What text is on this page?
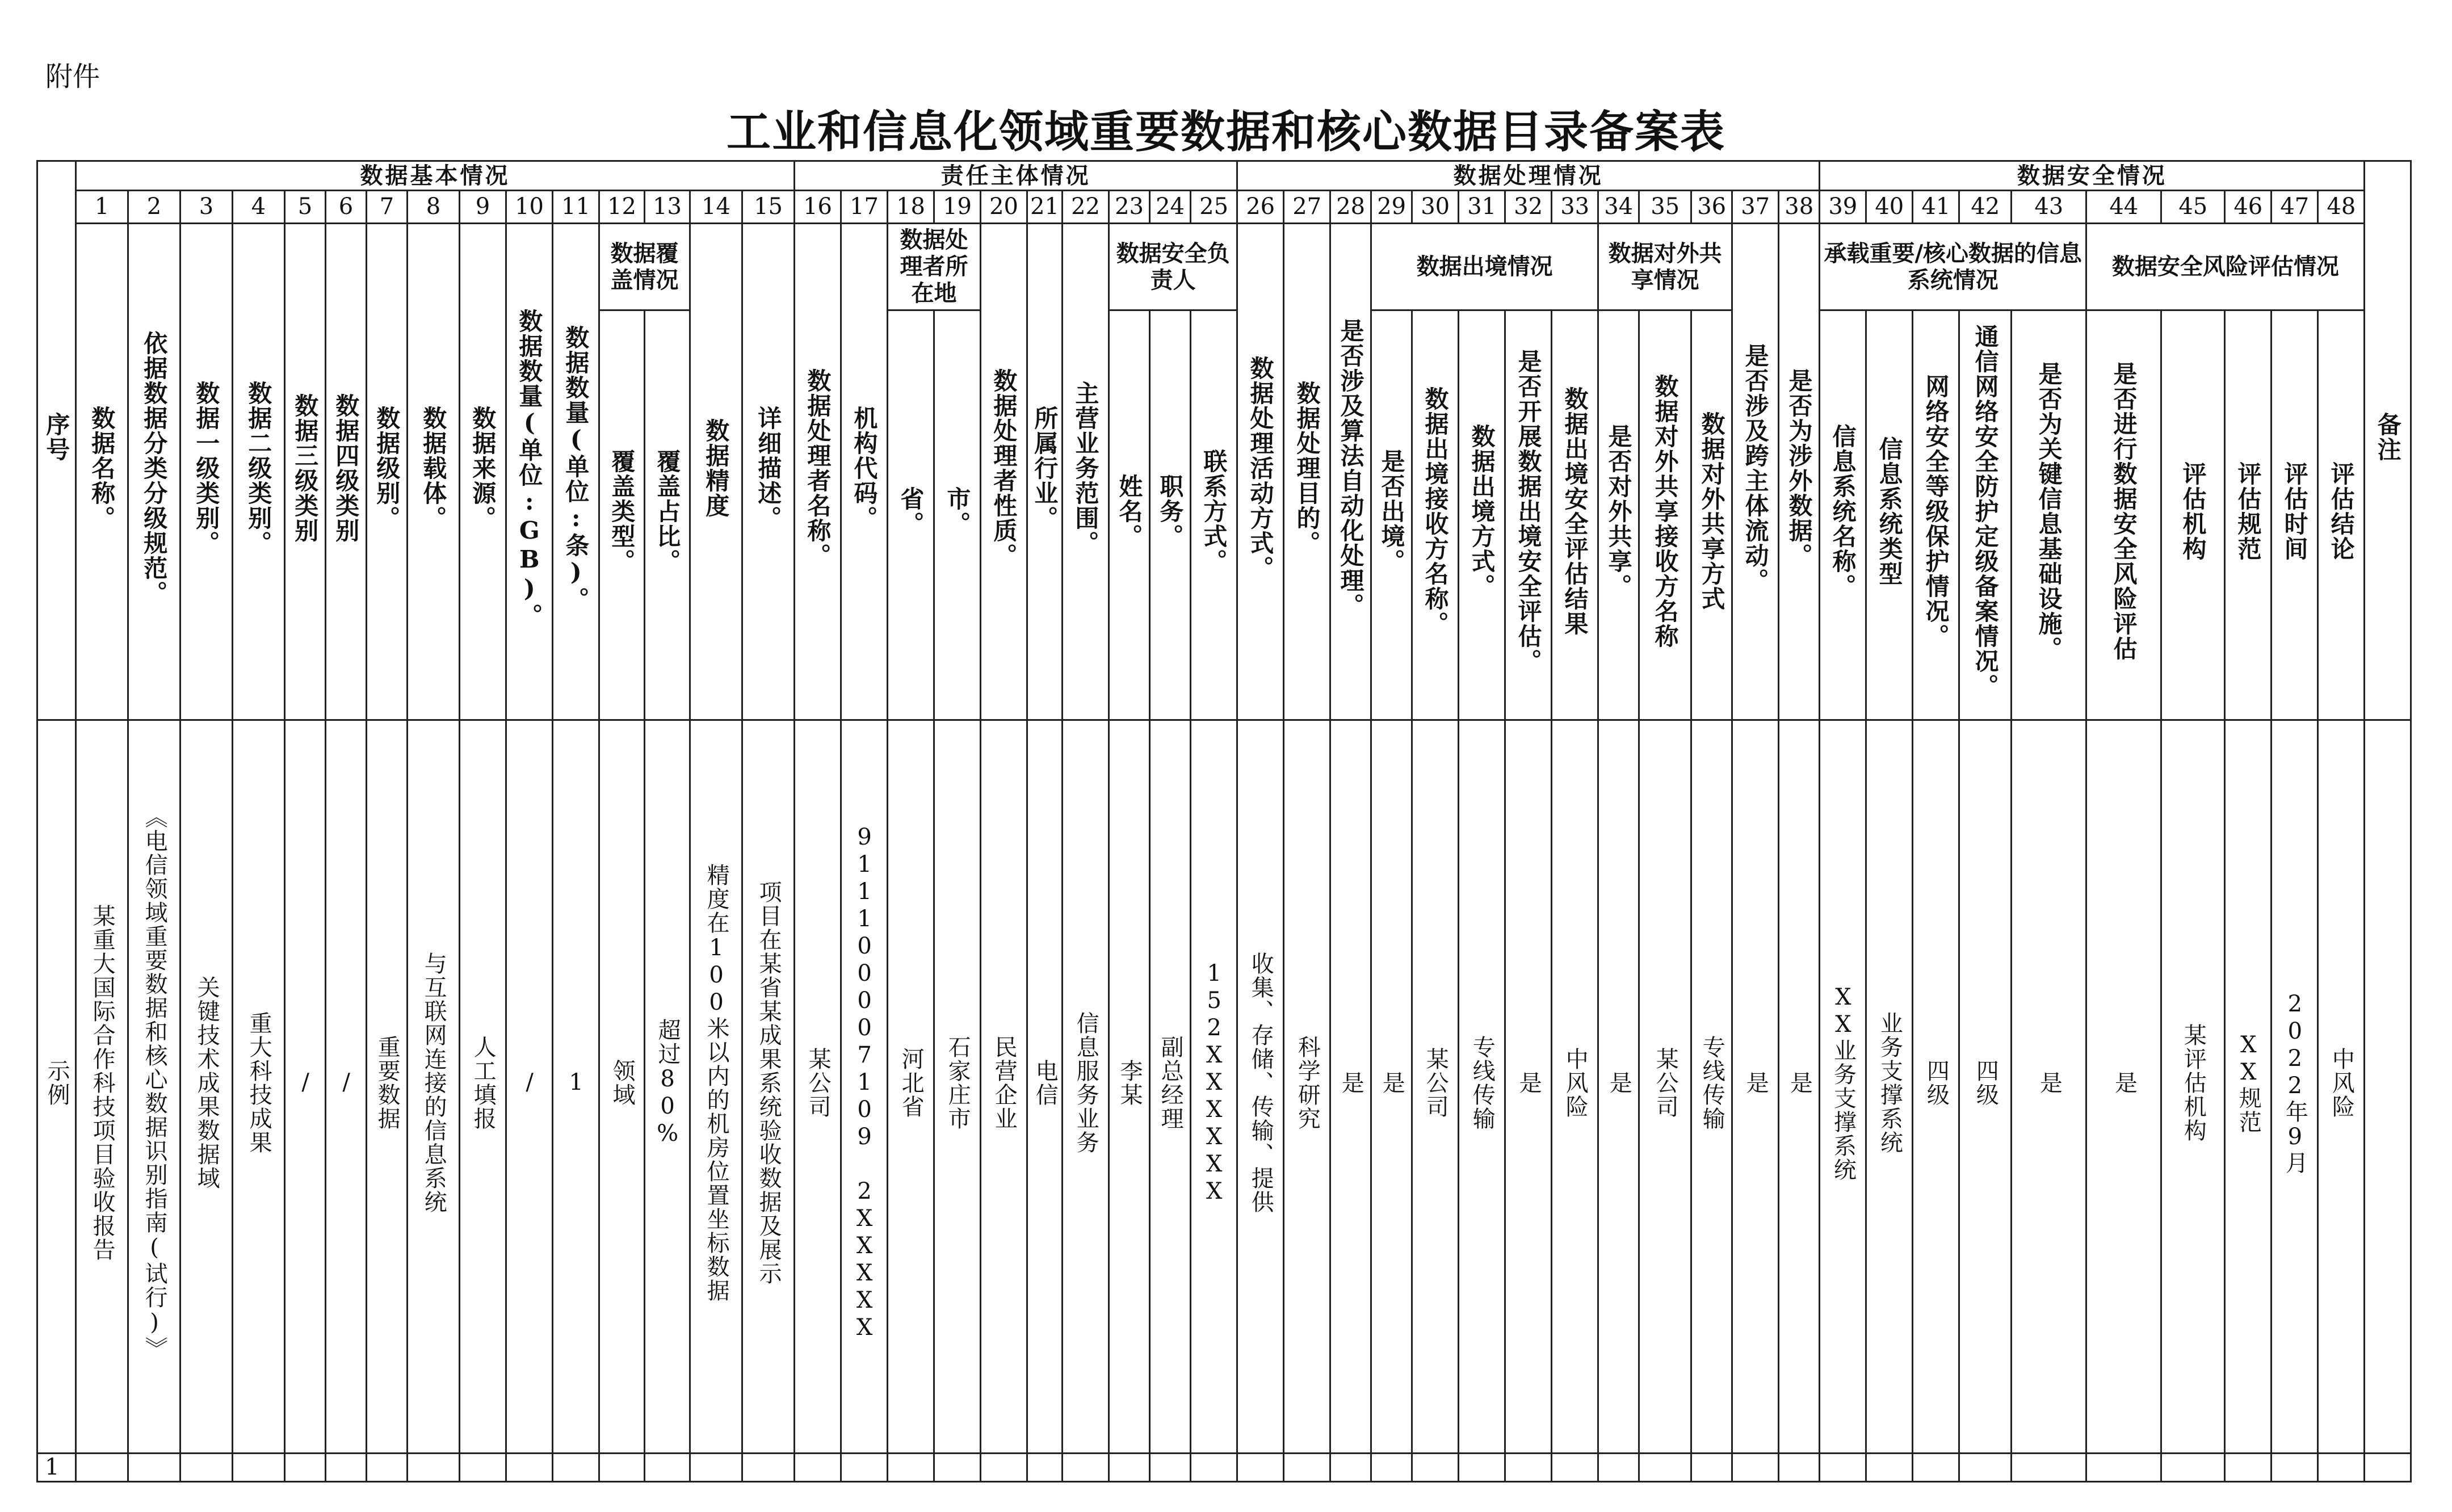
附件
工业和信息化领域重要数据和核心数据目录备案表
序号	数据基本情况															责任主体情况										数据处理情况													数据安全情况										备注
	1	2	3	4	5	6	7	8	9	10	11	12	13	14	15	16	17	18	19	20	21	22	23	24	25	26	27	28	29	30	31	32	33	34	35	36	37	38	39	40	41	42	43	44	45	46	47	48	
	数据名称。	依据数据分类分级规范。	数据一级类别。	数据二级类别。	数据三级类别	数据四级类别	数据级别。	数据载体。	数据来源。	数据数量(单位:GB)。	数据数量(单位:条)。	数据覆盖情况		数据精度	详细描述。	数据处理者名称。	机构代码。	数据处理者所在地		数据处理者性质。	所属行业。	主营业务范围。	数据安全负责人			数据处理活动方式。	数据处理目的。	是否涉及算法自动化处理。	数据出境情况					数据对外共享情况			是否涉及跨主体流动。	是否为涉外数据。	承载重要/核心数据的信息系统情况					数据安全风险评估情况					
												覆盖类型。	覆盖占比。					省。	市。				姓名。	职务。	联系方式。				是否出境。	数据出境接收方名称。	数据出境方式。	是否开展数据出境安全评估。	数据出境安全评估结果	是否对外共享。	数据对外共享接收方名称	数据对外共享方式			信息系统名称。	信息系统类型	网络安全等级保护情况。	通信网络安全防护定级备案情况。	是否为关键信息基础设施。	是否进行数据安全风险评估	评估机构	评估规范	评估时间	评估结论	
示例	某重大国际合作科技项目验收报告	《电信领域重要数据和核心数据识别指南(试行)》	关键技术成果数据域	重大科技成果	/	/	重要数据	与互联网连接的信息系统	人工填报	/	1	领域	超过80%	精度在100米以内的机房位置坐标数据	项目在某省某成果系统验收数据及展示	某公司	911100007109 2XXXXX	河北省	石家庄市	民营企业	电信	信息服务业务	李某	副总经理	152XXXXXX	收集、存储、传输、提供	科学研究	是	是	某公司	专线传输	是	中风险	是	某公司	专线传输	是	是	XX业务支撑系统	业务支撑系统	四级	四级	是	是	某评估机构	XX规范	2022年9月	中风险	
1																																																	
